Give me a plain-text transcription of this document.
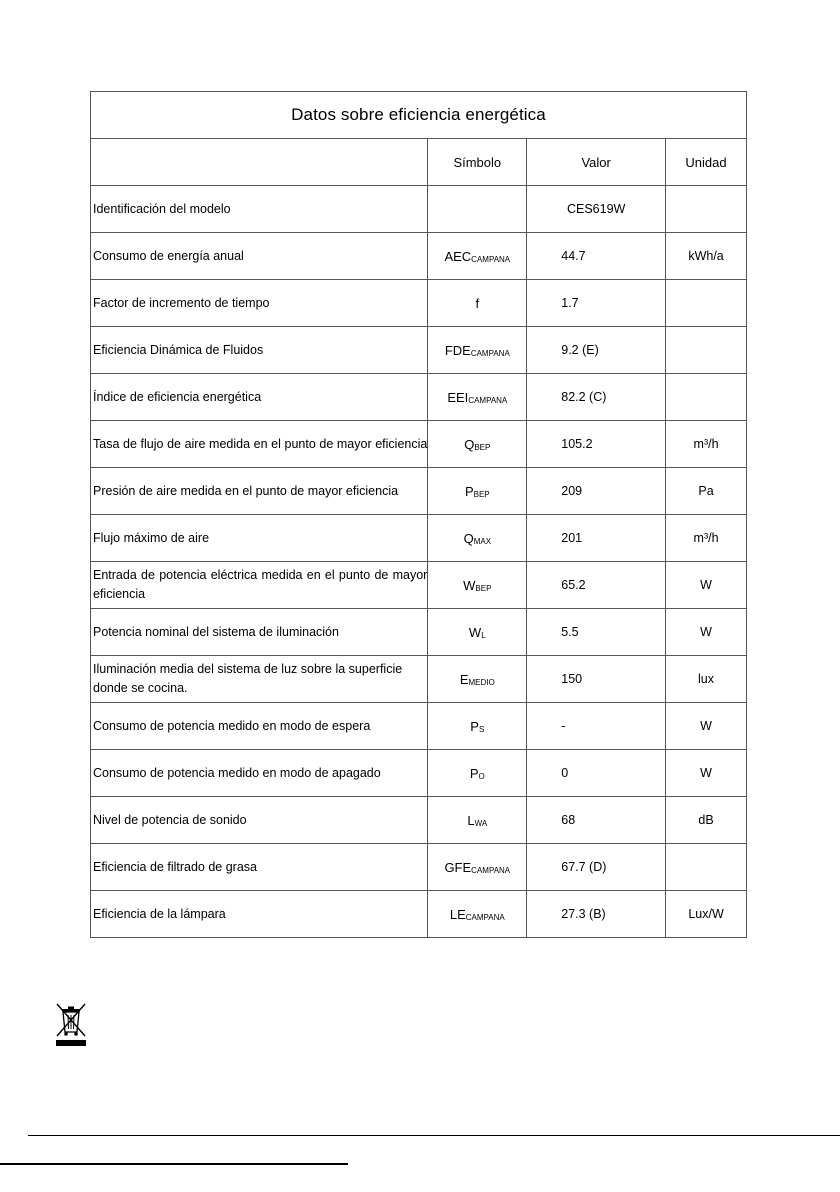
Datos sobre eficiencia energética			
	Símbolo	Valor	Unidad
Identificación del modelo		CES619W	
Consumo de energía anual	$AEC_{CAMPANA}$	44.7	kWh/a
Factor de incremento de tiempo	f	1.7	
Eficiencia Dinámica de Fluidos	$FDE_{CAMPANA}$	9.2 (E)	
Índice de eficiencia energética	$EEI_{CAMPANA}$	82.2 (C)	
Tasa de flujo de aire medida en el punto de mayor eficiencia	$Q_{BEP}$	105.2	m³/h
Presión de aire medida en el punto de mayor eficiencia	$P_{BEP}$	209	Pa
Flujo máximo de aire	$Q_{MAX}$	201	m³/h
Entrada de potencia eléctrica medida en el punto de mayor eficiencia	$W_{BEP}$	65.2	W
Potencia nominal del sistema de iluminación	$W_L$	5.5	W
Iluminación media del sistema de luz sobre la superficie donde se cocina.	$E_{MEDIO}$	150	lux
Consumo de potencia medido en modo de espera	$P_S$	-	W
Consumo de potencia medido en modo de apagado	$P_O$	0	W
Nivel de potencia de sonido	$L_{WA}$	68	dB
Eficiencia de filtrado de grasa	$GFE_{CAMPANA}$	67.7 (D)	
Eficiencia de la lámpara	$LE_{CAMPANA}$	27.3 (B)	Lux/W
